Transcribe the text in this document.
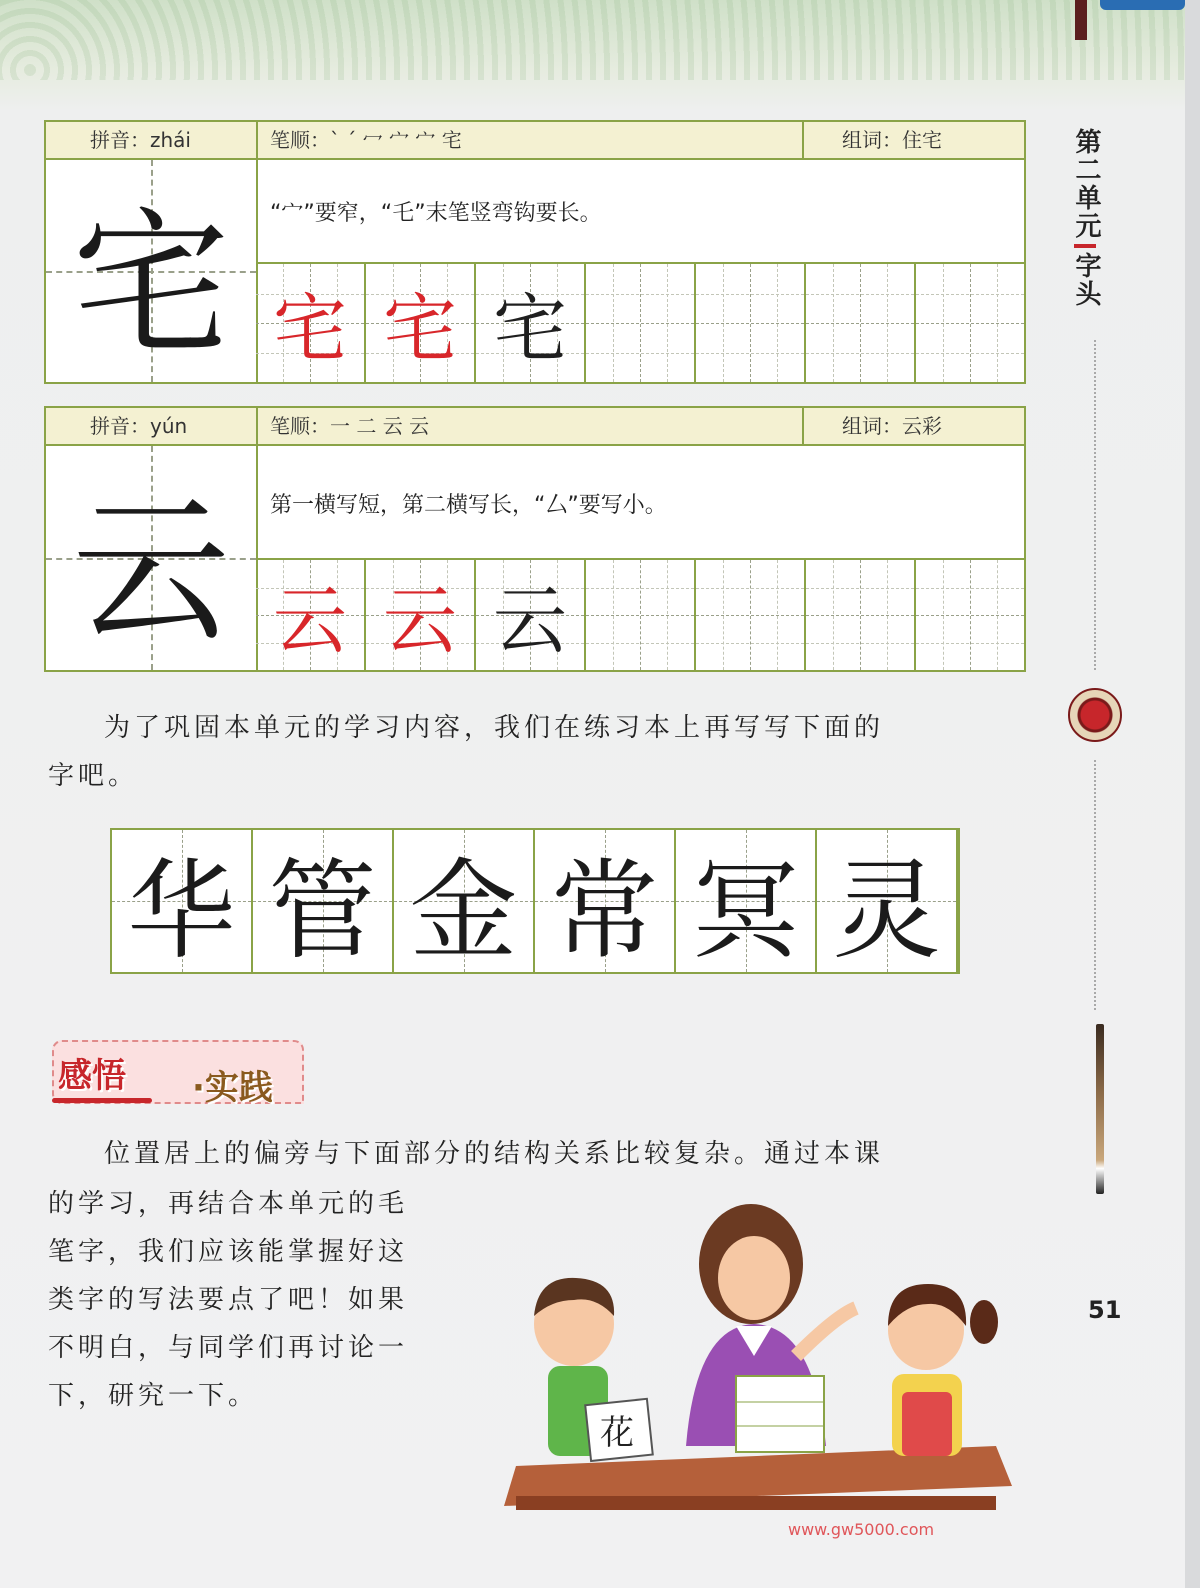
拼音：zhái	笔顺：` ˊ 冖 宀 宀 宅	组词：住宅
宅	“宀”要窄，“乇”末笔竖弯钩要长。
宅 宅 宅
拼音：yún	笔顺：一 二 云 云	组词：云彩
云	第一横写短，第二横写长，“厶”要写小。
云 云 云
为了巩固本单元的学习内容，我们在练习本上再写写下面的
字吧。
华 管 金 常 冥 灵
感悟 ·实践
位置居上的偏旁与下面部分的结构关系比较复杂。通过本课
的学习，再结合本单元的毛
笔字，我们应该能掌握好这
类字的写法要点了吧！如果
不明白，与同学们再讨论一
下，研究一下。
花
第二单元
字头
51
www.gw5000.com
